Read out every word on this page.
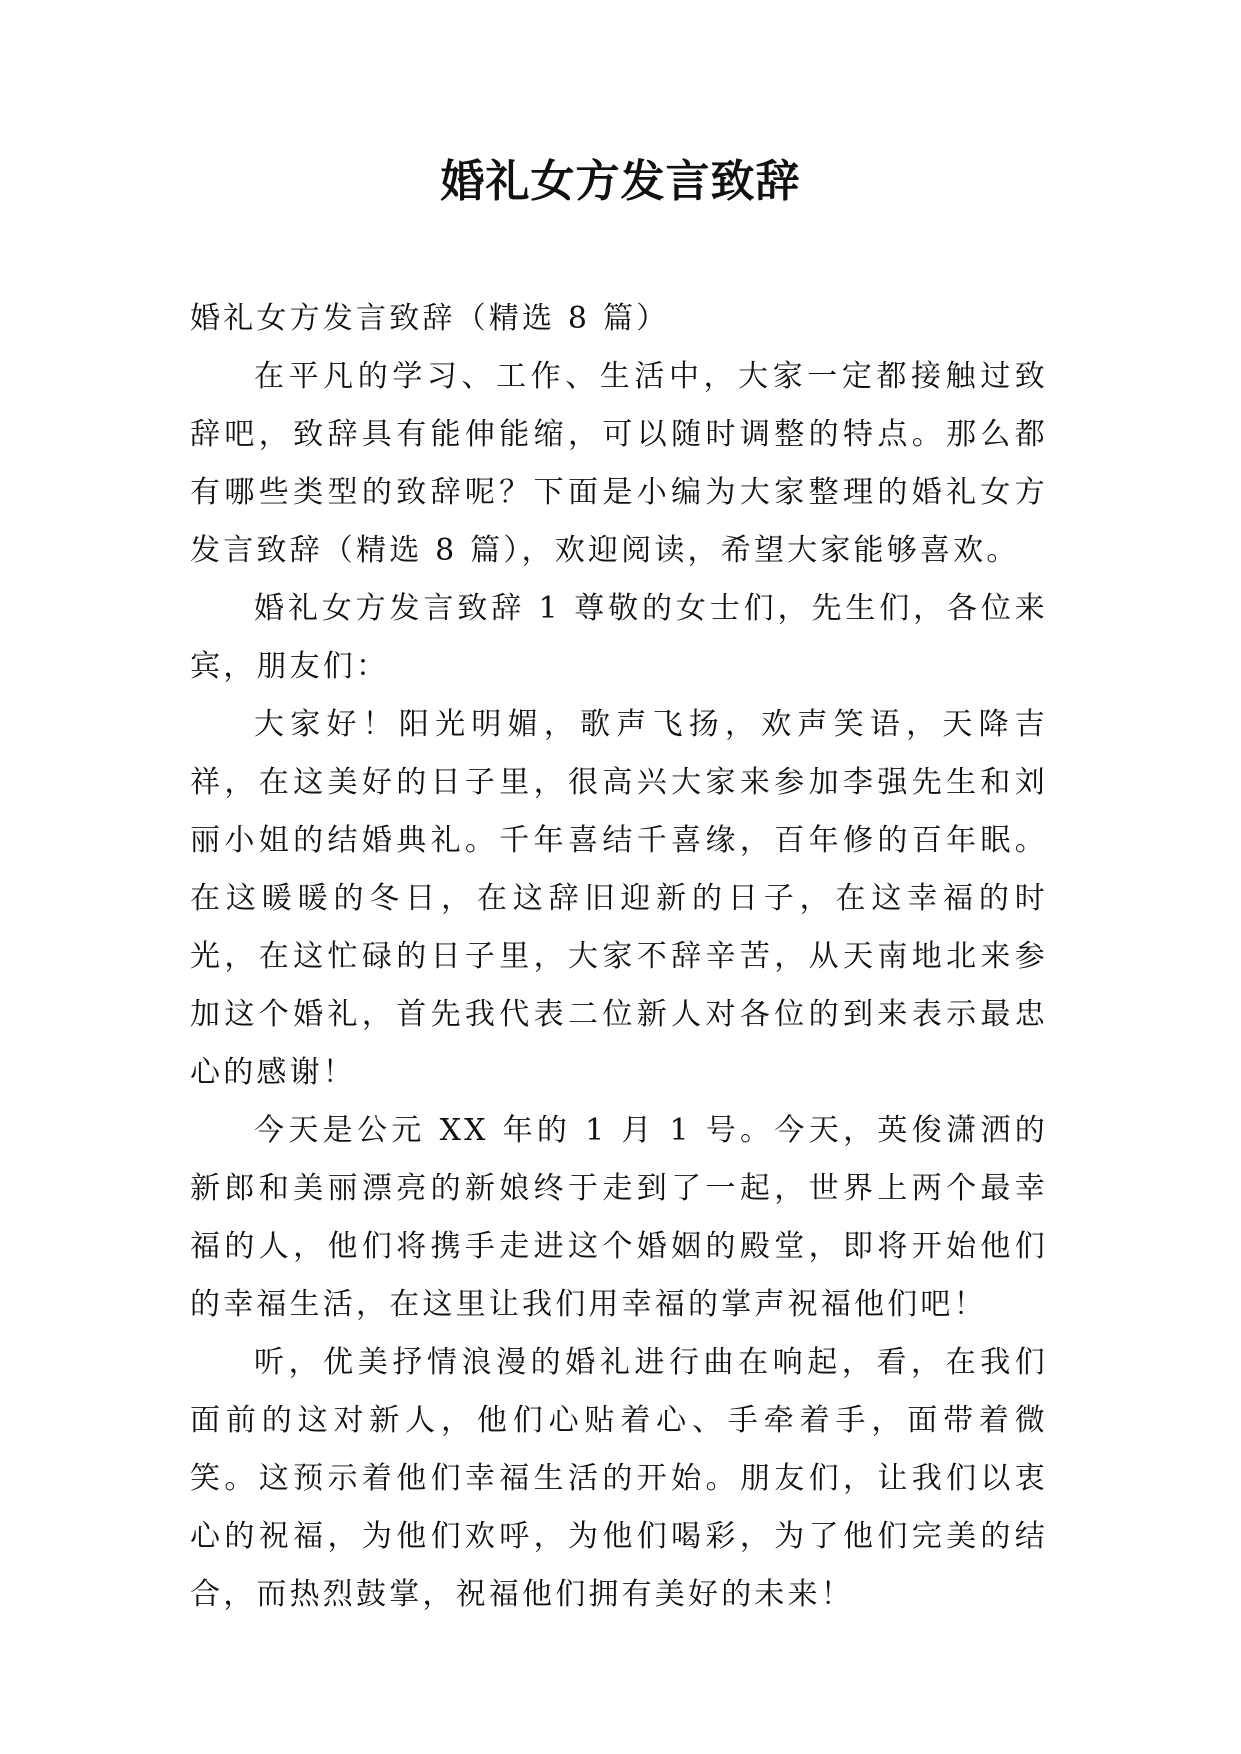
婚礼女方发言致辞

婚礼女方发言致辞（精选 8 篇）

在平凡的学习、工作、生活中，大家一定都接触过致辞吧，致辞具有能伸能缩，可以随时调整的特点。那么都有哪些类型的致辞呢？下面是小编为大家整理的婚礼女方发言致辞（精选 8 篇），欢迎阅读，希望大家能够喜欢。

婚礼女方发言致辞 1 尊敬的女士们，先生们，各位来宾，朋友们：

大家好！阳光明媚，歌声飞扬，欢声笑语，天降吉祥，在这美好的日子里，很高兴大家来参加李强先生和刘丽小姐的结婚典礼。千年喜结千喜缘，百年修的百年眠。在这暖暖的冬日，在这辞旧迎新的日子，在这幸福的时光，在这忙碌的日子里，大家不辞辛苦，从天南地北来参加这个婚礼，首先我代表二位新人对各位的到来表示最忠心的感谢！

今天是公元 XX 年的 1 月 1 号。今天，英俊潇洒的新郎和美丽漂亮的新娘终于走到了一起，世界上两个最幸福的人，他们将携手走进这个婚姻的殿堂，即将开始他们的幸福生活，在这里让我们用幸福的掌声祝福他们吧！

听，优美抒情浪漫的婚礼进行曲在响起，看，在我们面前的这对新人，他们心贴着心、手牵着手，面带着微笑。这预示着他们幸福生活的开始。朋友们，让我们以衷心的祝福，为他们欢呼，为他们喝彩，为了他们完美的结合，而热烈鼓掌，祝福他们拥有美好的未来！
